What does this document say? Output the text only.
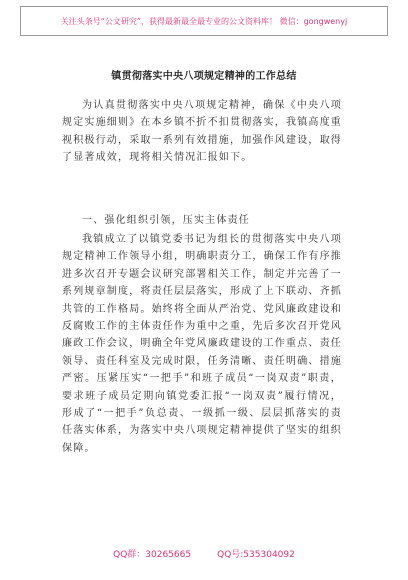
关注头条号“公文研究”，获得最新最全最专业的公文资料库！ 微信：gongwenyj
镇贯彻落实中央八项规定精神的工作总结

为认真贯彻落实中央八项规定精神，确保《中央八项规定实施细则》在本乡镇不折不扣贯彻落实，我镇高度重视积极行动，采取一系列有效措施，加强作风建设，取得了显著成效，现将相关情况汇报如下。

一、强化组织引领，压实主体责任

我镇成立了以镇党委书记为组长的贯彻落实中央八项规定精神工作领导小组，明确职责分工，确保工作有序推进多次召开专题会议研究部署相关工作，制定并完善了一系列规章制度，将责任层层落实，形成了上下联动、齐抓共管的工作格局。始终将全面从严治党、党风廉政建设和反腐败工作的主体责任作为重中之重，先后多次召开党风廉政工作会议，明确全年党风廉政建设的工作重点、责任领导、责任科室及完成时限，任务清晰、责任明确、措施严密。压紧压实“一把手”和班子成员“一岗双责”职责，要求班子成员定期向镇党委汇报“一岗双责”履行情况，形成了“一把手”负总责、一级抓一级、层层抓落实的责任落实体系，为落实中央八项规定精神提供了坚实的组织保障。

QQ群：30265665	QQ号:535304092
